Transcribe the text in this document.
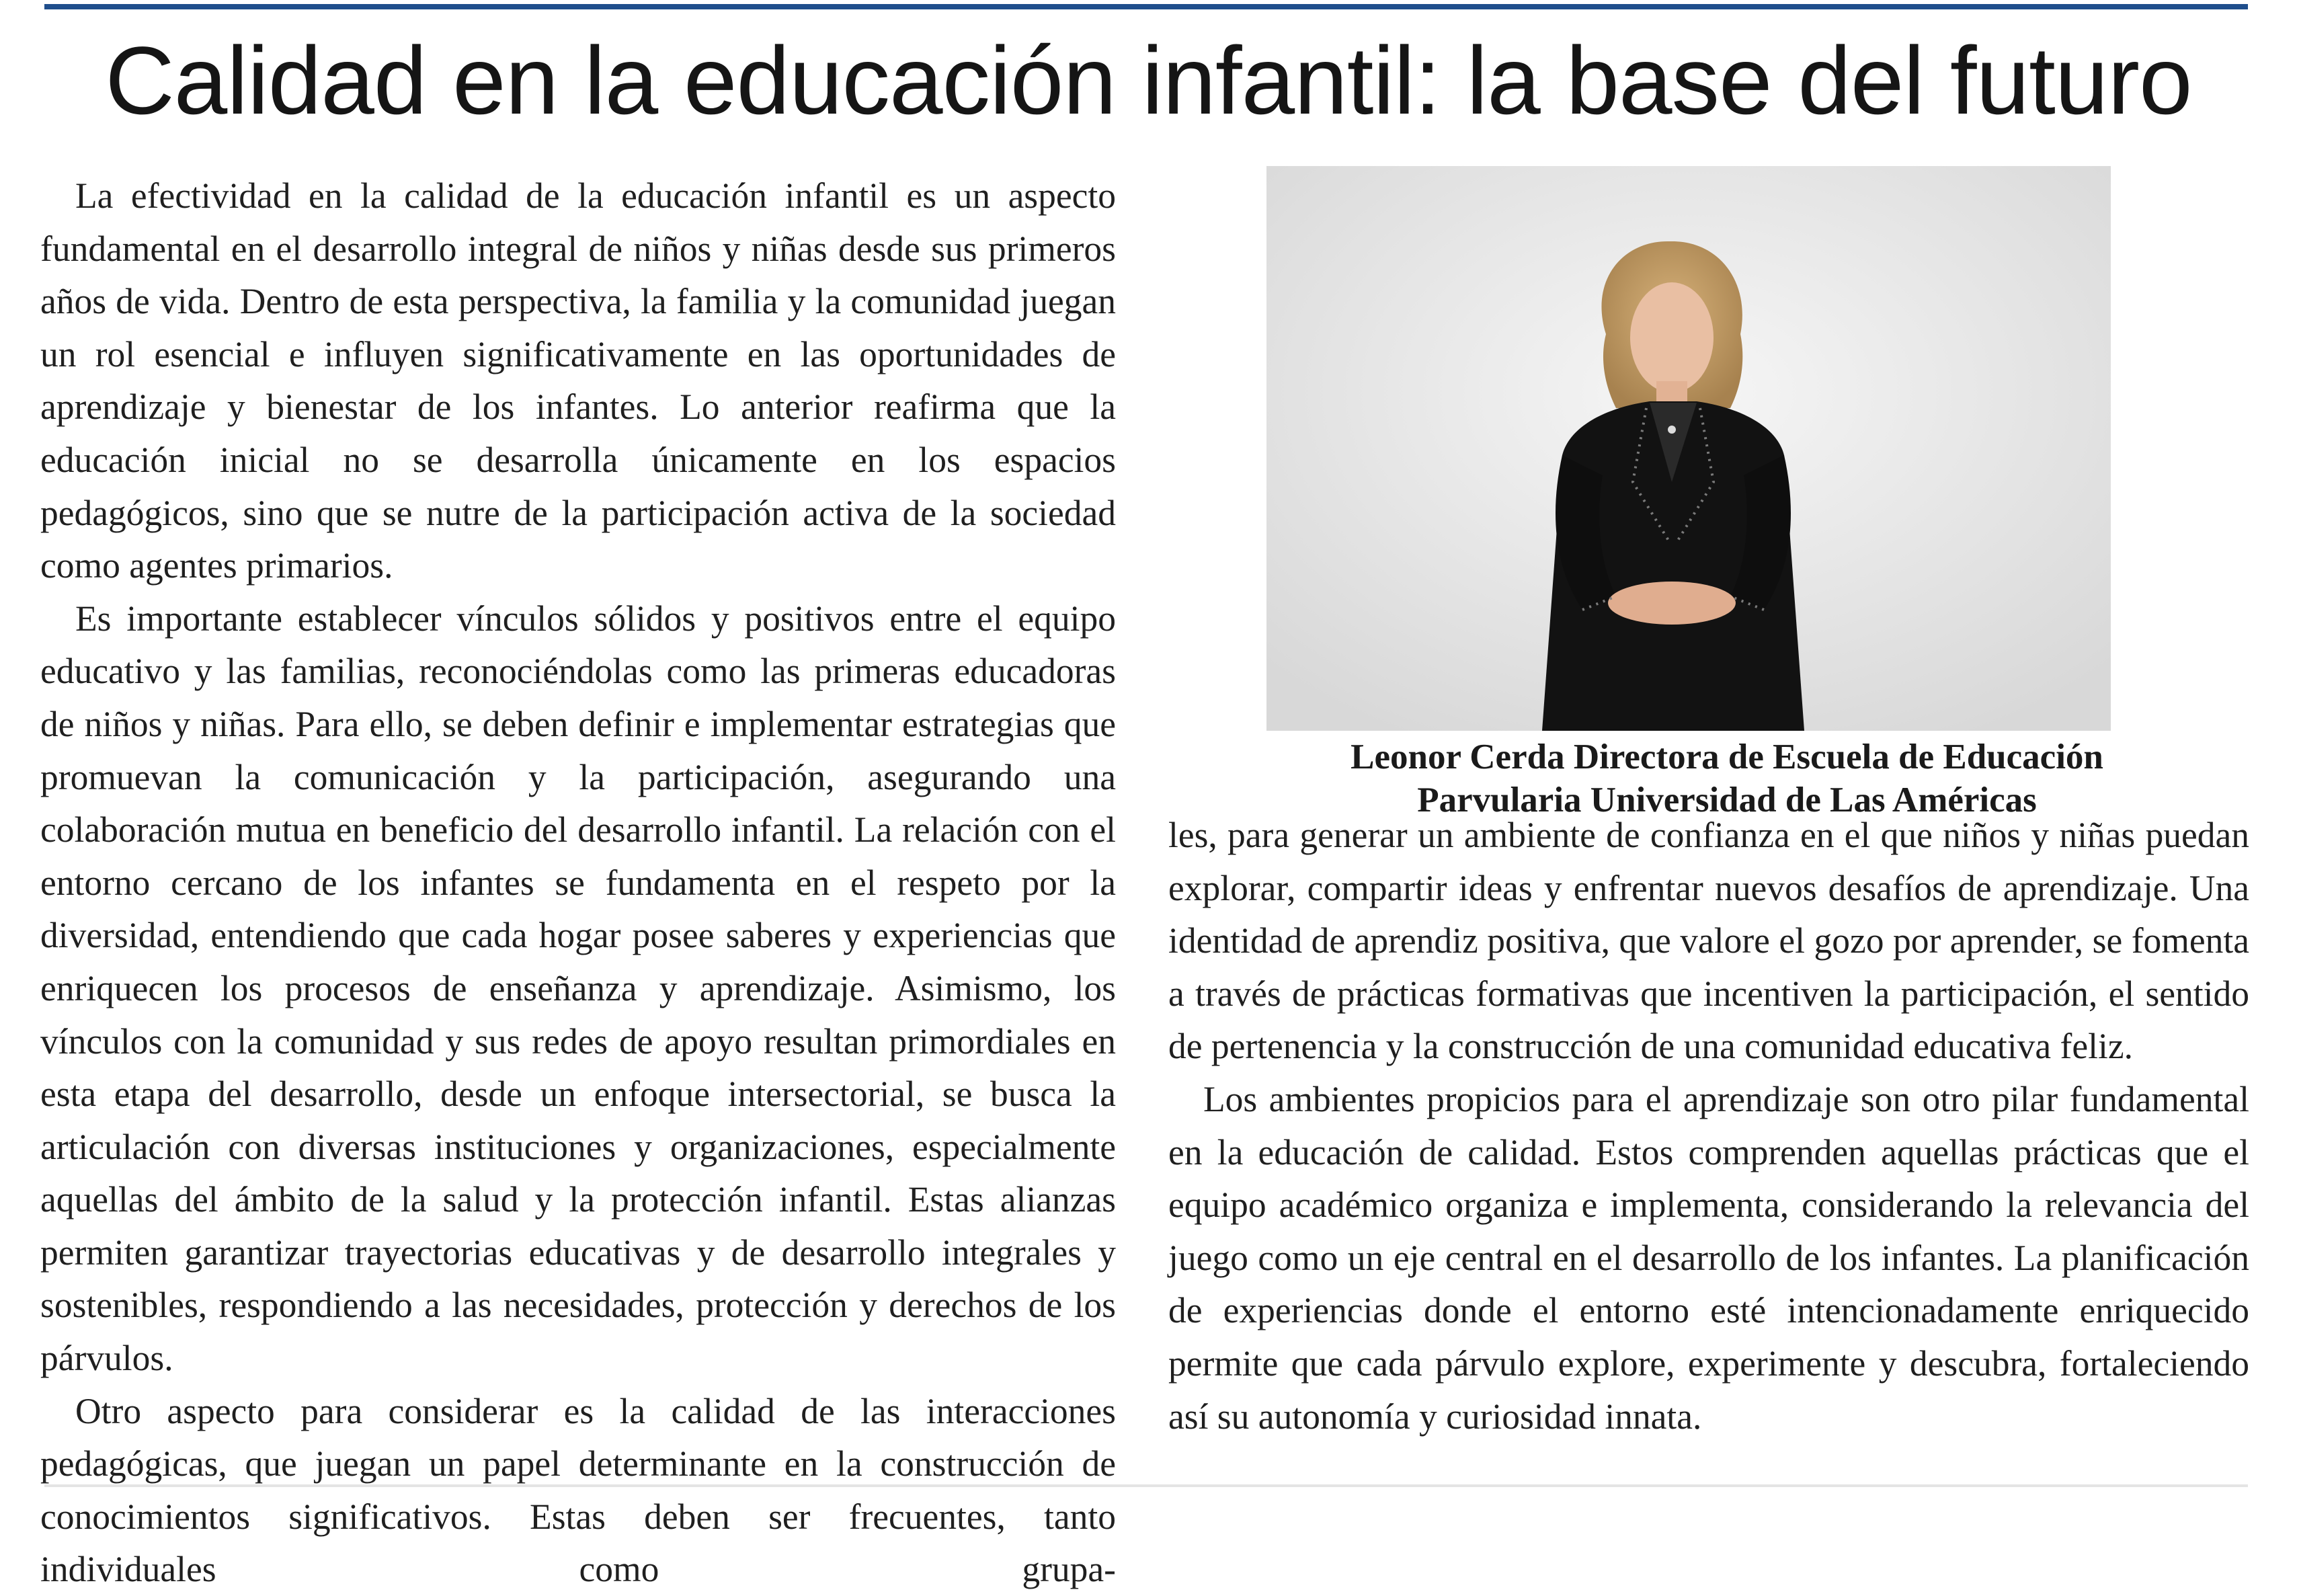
Calidad en la educación infantil: la base del futuro

La efectividad en la calidad de la educación infantil es un aspecto fundamental en el desarrollo integral de niños y niñas desde sus primeros años de vida. Dentro de esta perspectiva, la familia y la comunidad juegan un rol esencial e influyen significativamente en las oportunidades de aprendizaje y bienestar de los infantes. Lo anterior reafirma que la educación inicial no se desarrolla únicamente en los espacios pedagógicos, sino que se nutre de la participación activa de la sociedad como agentes primarios.

Es importante establecer vínculos sólidos y positivos entre el equipo educativo y las familias, reconociéndolas como las primeras educadoras de niños y niñas. Para ello, se deben definir e implementar estrategias que promuevan la comunicación y la participación, asegurando una colaboración mutua en beneficio del desarrollo infantil. La relación con el entorno cercano de los infantes se fundamenta en el respeto por la diversidad, entendiendo que cada hogar posee saberes y experiencias que enriquecen los procesos de enseñanza y aprendizaje. Asimismo, los vínculos con la comunidad y sus redes de apoyo resultan primordiales en esta etapa del desarrollo, desde un enfoque intersectorial, se busca la articulación con diversas instituciones y organizaciones, especialmente aquellas del ámbito de la salud y la protección infantil. Estas alianzas permiten garantizar trayectorias educativas y de desarrollo integrales y sostenibles, respondiendo a las necesidades, protección y derechos de los párvulos.

Otro aspecto para considerar es la calidad de las interacciones pedagógicas, que juegan un papel determinante en la construcción de conocimientos significativos. Estas deben ser frecuentes, tanto individuales como grupa-

Leonor Cerda Directora de Escuela de Educación
Parvularia Universidad de Las Américas

les, para generar un ambiente de confianza en el que niños y niñas puedan explorar, compartir ideas y enfrentar nuevos desafíos de aprendizaje. Una identidad de aprendiz positiva, que valore el gozo por aprender, se fomenta a través de prácticas formativas que incentiven la participación, el sentido de pertenencia y la construcción de una comunidad educativa feliz.

Los ambientes propicios para el aprendizaje son otro pilar fundamental en la educación de calidad. Estos comprenden aquellas prácticas que el equipo académico organiza e implementa, considerando la relevancia del juego como un eje central en el desarrollo de los infantes. La planificación de experiencias donde el entorno esté intencionadamente enriquecido permite que cada párvulo explore, experimente y descubra, fortaleciendo así su autonomía y curiosidad innata.
